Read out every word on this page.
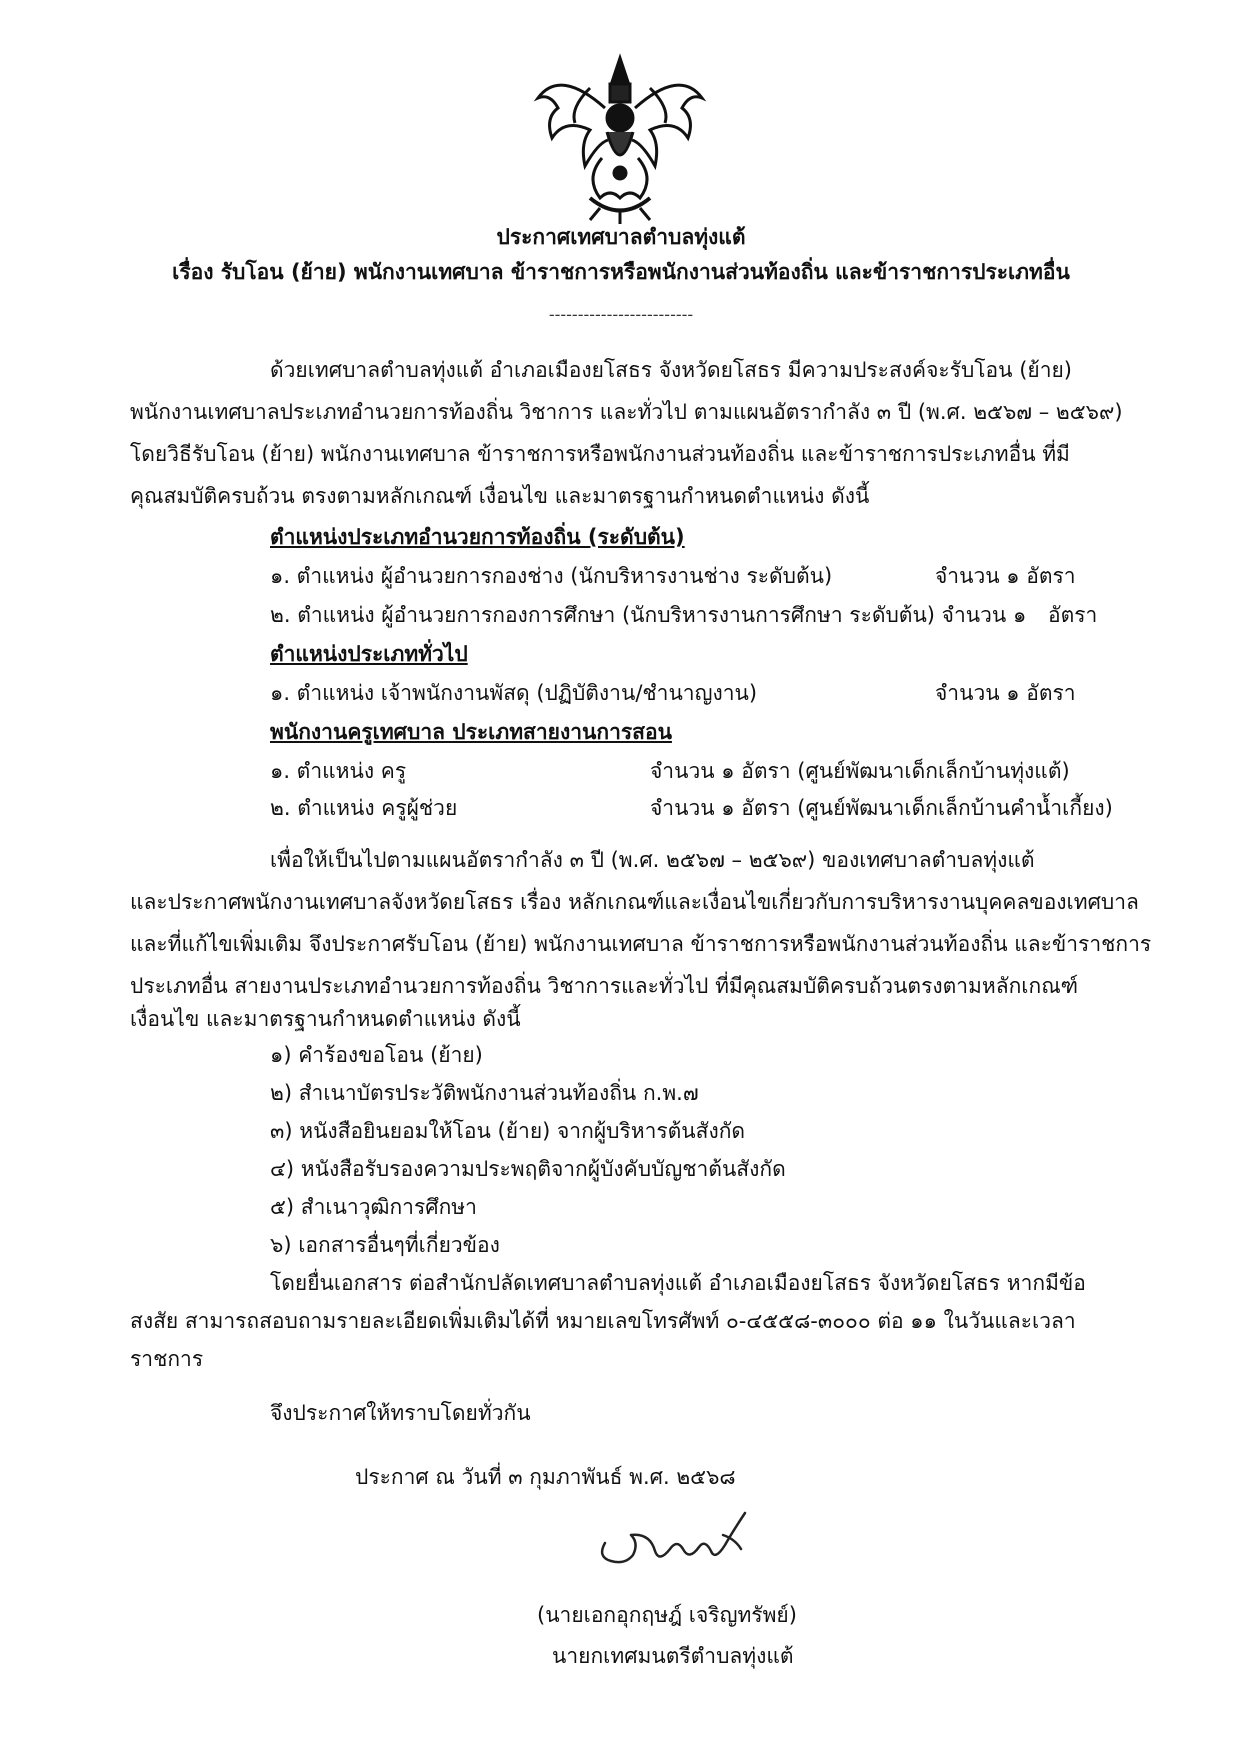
ประกาศเทศบาลตำบลทุ่งแต้
เรื่อง รับโอน (ย้าย) พนักงานเทศบาล ข้าราชการหรือพนักงานส่วนท้องถิ่น และข้าราชการประเภทอื่น
-------------------------
ด้วยเทศบาลตำบลทุ่งแต้ อำเภอเมืองยโสธร จังหวัดยโสธร มีความประสงค์จะรับโอน (ย้าย)
พนักงานเทศบาลประเภทอำนวยการท้องถิ่น วิชาการ และทั่วไป ตามแผนอัตรากำลัง ๓ ปี (พ.ศ. ๒๕๖๗ – ๒๕๖๙)
โดยวิธีรับโอน (ย้าย) พนักงานเทศบาล ข้าราชการหรือพนักงานส่วนท้องถิ่น และข้าราชการประเภทอื่น ที่มี
คุณสมบัติครบถ้วน ตรงตามหลักเกณฑ์ เงื่อนไข และมาตรฐานกำหนดตำแหน่ง ดังนี้
ตำแหน่งประเภทอำนวยการท้องถิ่น (ระดับต้น)
๑. ตำแหน่ง ผู้อำนวยการกองช่าง (นักบริหารงานช่าง ระดับต้น)	จำนวน ๑ อัตรา
๒. ตำแหน่ง ผู้อำนวยการกองการศึกษา (นักบริหารงานการศึกษา ระดับต้น) จำนวน ๑ อัตรา
ตำแหน่งประเภททั่วไป
๑. ตำแหน่ง เจ้าพนักงานพัสดุ (ปฏิบัติงาน/ชำนาญงาน)	จำนวน ๑ อัตรา
พนักงานครูเทศบาล ประเภทสายงานการสอน
๑. ตำแหน่ง ครู	จำนวน ๑ อัตรา (ศูนย์พัฒนาเด็กเล็กบ้านทุ่งแต้)
๒. ตำแหน่ง ครูผู้ช่วย	จำนวน ๑ อัตรา (ศูนย์พัฒนาเด็กเล็กบ้านคำน้ำเกี้ยง)
เพื่อให้เป็นไปตามแผนอัตรากำลัง ๓ ปี (พ.ศ. ๒๕๖๗ – ๒๕๖๙) ของเทศบาลตำบลทุ่งแต้
และประกาศพนักงานเทศบาลจังหวัดยโสธร เรื่อง หลักเกณฑ์และเงื่อนไขเกี่ยวกับการบริหารงานบุคคลของเทศบาล
และที่แก้ไขเพิ่มเติม จึงประกาศรับโอน (ย้าย) พนักงานเทศบาล ข้าราชการหรือพนักงานส่วนท้องถิ่น และข้าราชการ
ประเภทอื่น สายงานประเภทอำนวยการท้องถิ่น วิชาการและทั่วไป ที่มีคุณสมบัติครบถ้วนตรงตามหลักเกณฑ์
เงื่อนไข และมาตรฐานกำหนดตำแหน่ง ดังนี้
๑) คำร้องขอโอน (ย้าย)
๒) สำเนาบัตรประวัติพนักงานส่วนท้องถิ่น ก.พ.๗
๓) หนังสือยินยอมให้โอน (ย้าย) จากผู้บริหารต้นสังกัด
๔) หนังสือรับรองความประพฤติจากผู้บังคับบัญชาต้นสังกัด
๕) สำเนาวุฒิการศึกษา
๖) เอกสารอื่นๆที่เกี่ยวข้อง
โดยยื่นเอกสาร ต่อสำนักปลัดเทศบาลตำบลทุ่งแต้ อำเภอเมืองยโสธร จังหวัดยโสธร หากมีข้อ
สงสัย สามารถสอบถามรายละเอียดเพิ่มเติมได้ที่ หมายเลขโทรศัพท์ ๐-๔๕๕๘-๓๐๐๐ ต่อ ๑๑ ในวันและเวลา
ราชการ
จึงประกาศให้ทราบโดยทั่วกัน
ประกาศ ณ วันที่ ๓ กุมภาพันธ์ พ.ศ. ๒๕๖๘
(นายเอกอุกฤษฎ์ เจริญทรัพย์)
นายกเทศมนตรีตำบลทุ่งแต้
